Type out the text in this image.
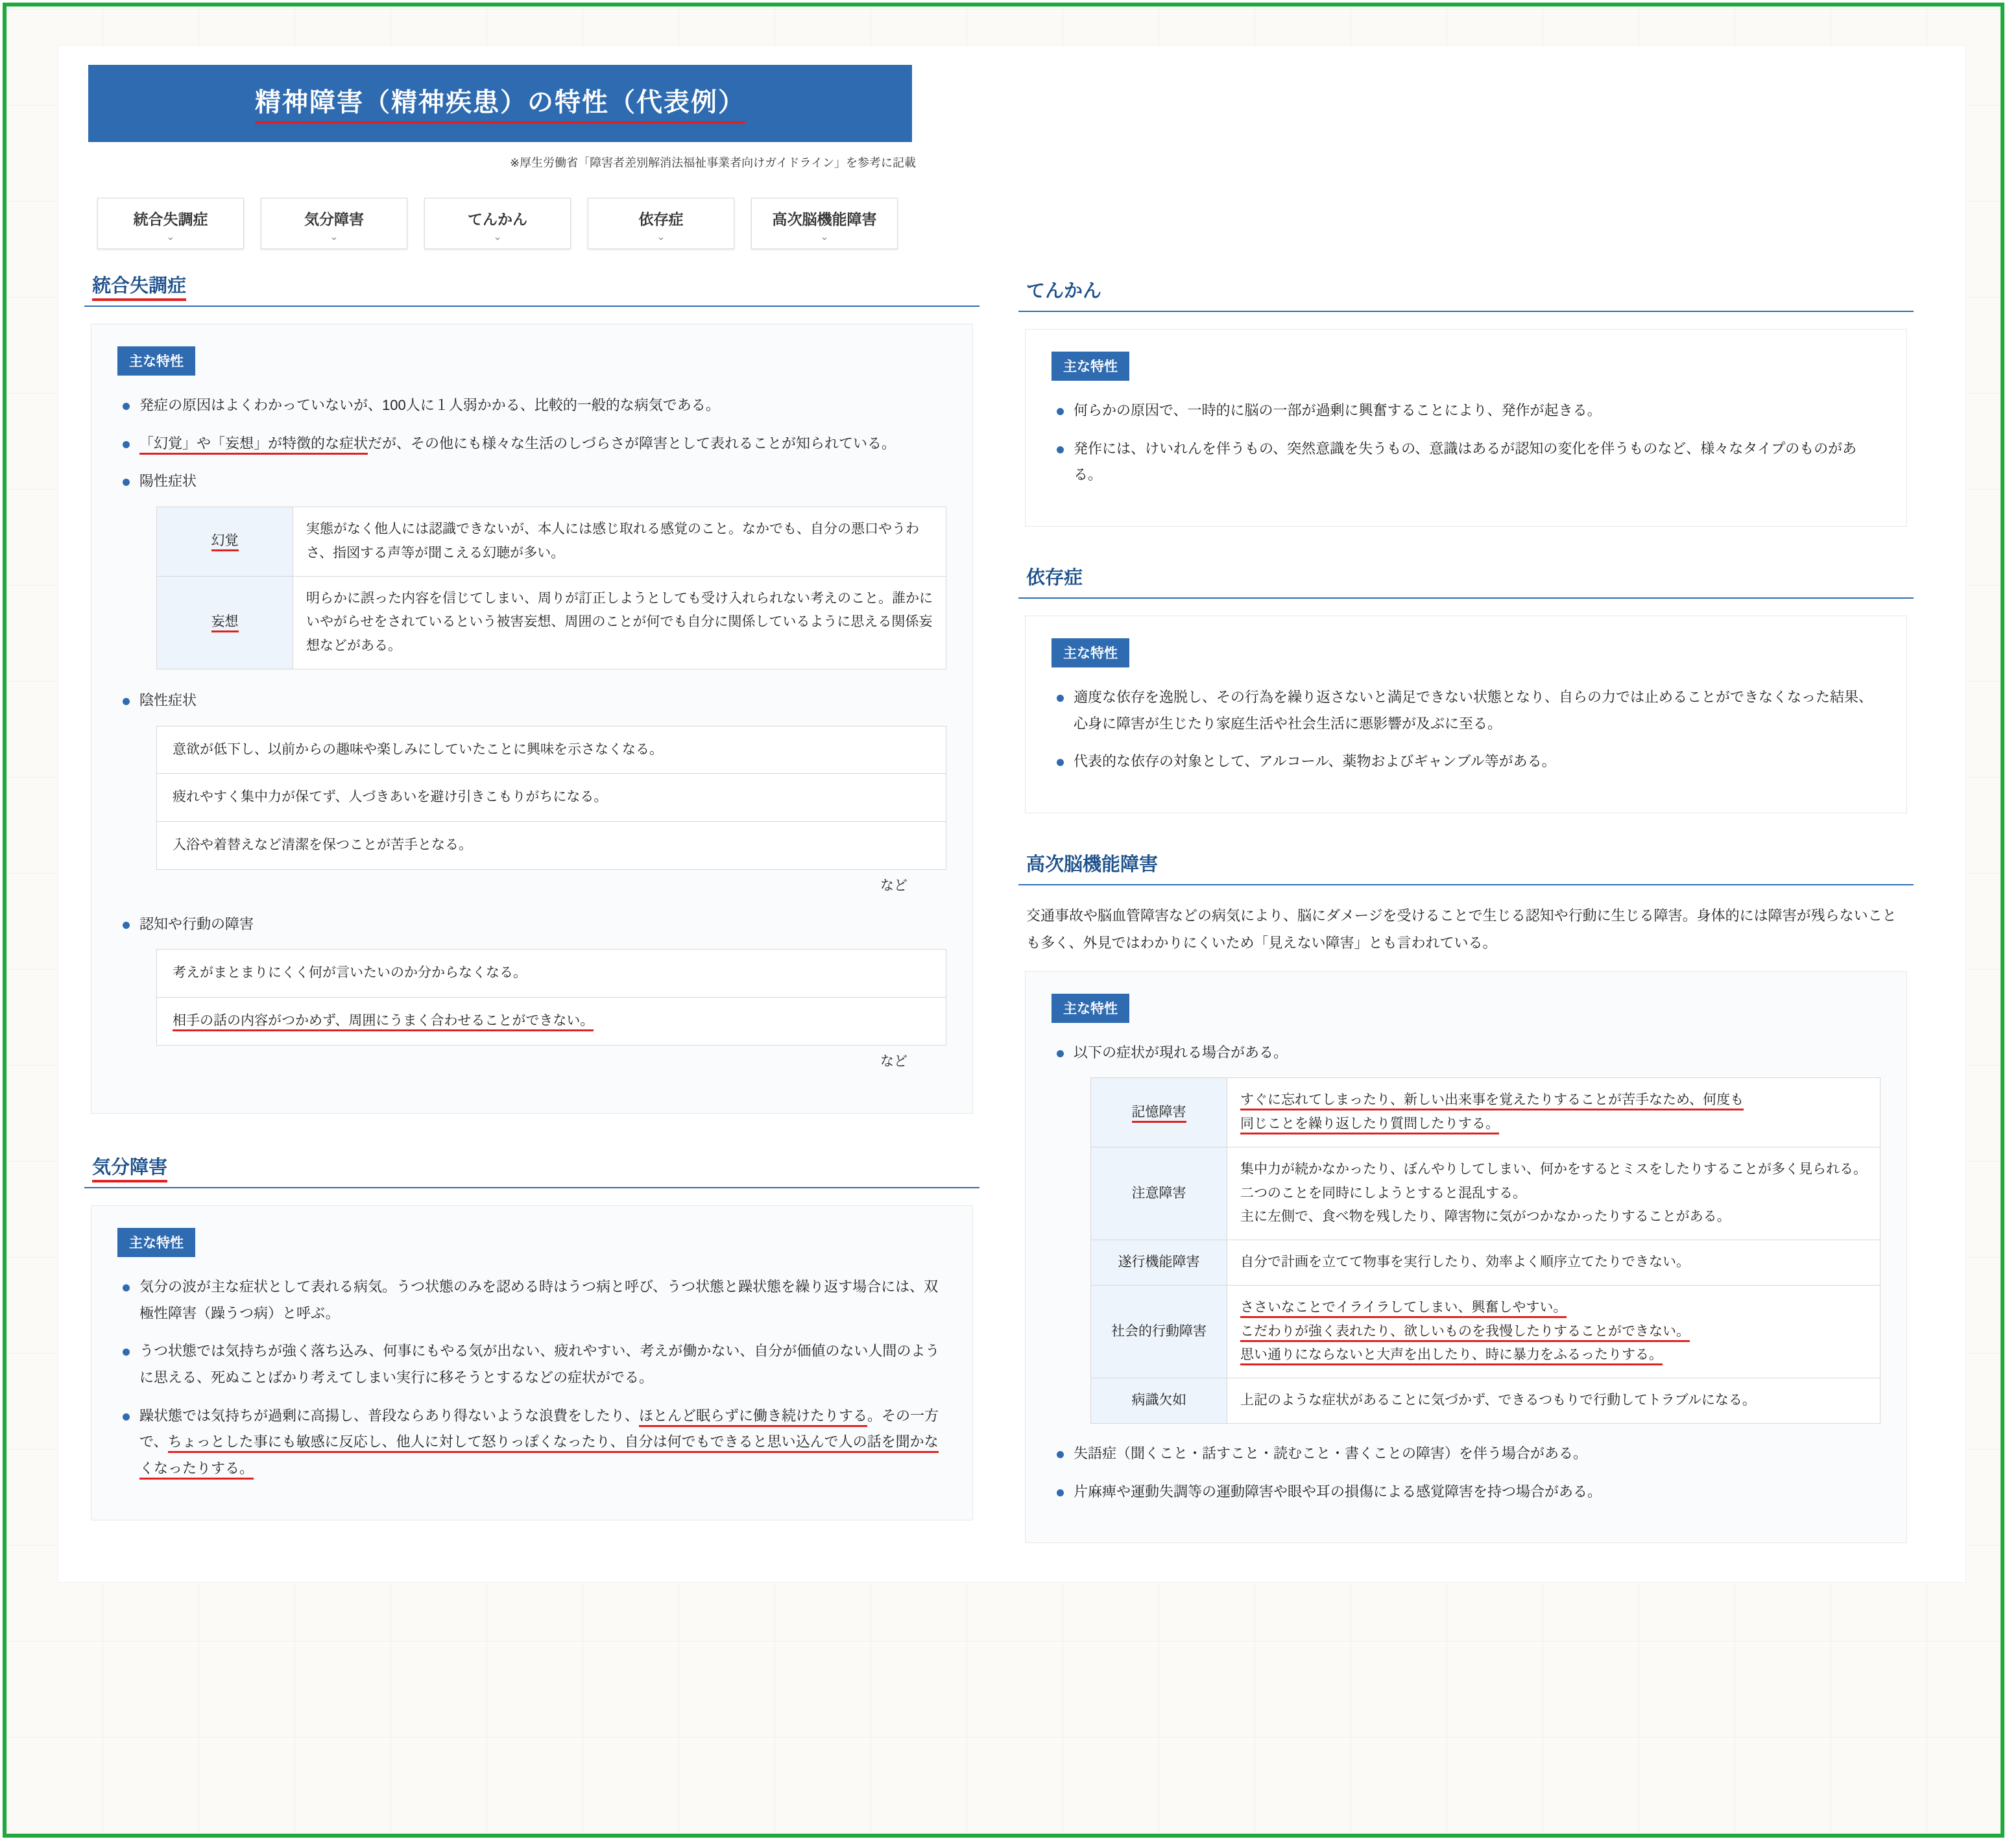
精神障害（精神疾患）の特性（代表例）
※厚生労働省「障害者差別解消法福祉事業者向けガイドライン」を参考に記載
統合失調症
⌄
気分障害
⌄
てんかん
⌄
依存症
⌄
高次脳機能障害
⌄
統合失調症
主な特性
発症の原因はよくわかっていないが、100人に１人弱かかる、比較的一般的な病気である。
「幻覚」や「妄想」が特徴的な症状だが、その他にも様々な生活のしづらさが障害として表れることが知られている。
陽性症状
幻覚	実態がなく他人には認識できないが、本人には感じ取れる感覚のこと。なかでも、自分の悪口やうわさ、指図する声等が聞こえる幻聴が多い。
妄想	明らかに誤った内容を信じてしまい、周りが訂正しようとしても受け入れられない考えのこと。誰かにいやがらせをされているという被害妄想、周囲のことが何でも自分に関係しているように思える関係妄想などがある。
陰性症状
意欲が低下し、以前からの趣味や楽しみにしていたことに興味を示さなくなる。
疲れやすく集中力が保てず、人づきあいを避け引きこもりがちになる。
入浴や着替えなど清潔を保つことが苦手となる。
など
認知や行動の障害
考えがまとまりにくく何が言いたいのか分からなくなる。
相手の話の内容がつかめず、周囲にうまく合わせることができない。
など
気分障害
主な特性
気分の波が主な症状として表れる病気。うつ状態のみを認める時はうつ病と呼び、うつ状態と躁状態を繰り返す場合には、双極性障害（躁うつ病）と呼ぶ。
うつ状態では気持ちが強く落ち込み、何事にもやる気が出ない、疲れやすい、考えが働かない、自分が価値のない人間のように思える、死ぬことばかり考えてしまい実行に移そうとするなどの症状がでる。
躁状態では気持ちが過剰に高揚し、普段ならあり得ないような浪費をしたり、ほとんど眠らずに働き続けたりする。その一方で、ちょっとした事にも敏感に反応し、他人に対して怒りっぽくなったり、自分は何でもできると思い込んで人の話を聞かなくなったりする。
てんかん
主な特性
何らかの原因で、一時的に脳の一部が過剰に興奮することにより、発作が起きる。
発作には、けいれんを伴うもの、突然意識を失うもの、意識はあるが認知の変化を伴うものなど、様々なタイプのものがある。
依存症
主な特性
適度な依存を逸脱し、その行為を繰り返さないと満足できない状態となり、自らの力では止めることができなくなった結果、心身に障害が生じたり家庭生活や社会生活に悪影響が及ぶに至る。
代表的な依存の対象として、アルコール、薬物およびギャンブル等がある。
高次脳機能障害
交通事故や脳血管障害などの病気により、脳にダメージを受けることで生じる認知や行動に生じる障害。身体的には障害が残らないことも多く、外見ではわかりにくいため「見えない障害」とも言われている。
主な特性
以下の症状が現れる場合がある。
記憶障害	すぐに忘れてしまったり、新しい出来事を覚えたりすることが苦手なため、何度も
同じことを繰り返したり質問したりする。
注意障害	集中力が続かなかったり、ぼんやりしてしまい、何かをするとミスをしたりすることが多く見られる。
二つのことを同時にしようとすると混乱する。
主に左側で、食べ物を残したり、障害物に気がつかなかったりすることがある。
遂行機能障害	自分で計画を立てて物事を実行したり、効率よく順序立てたりできない。
社会的行動障害	ささいなことでイライラしてしまい、興奮しやすい。
こだわりが強く表れたり、欲しいものを我慢したりすることができない。
思い通りにならないと大声を出したり、時に暴力をふるったりする。
病識欠如	上記のような症状があることに気づかず、できるつもりで行動してトラブルになる。
失語症（聞くこと・話すこと・読むこと・書くことの障害）を伴う場合がある。
片麻痺や運動失調等の運動障害や眼や耳の損傷による感覚障害を持つ場合がある。
